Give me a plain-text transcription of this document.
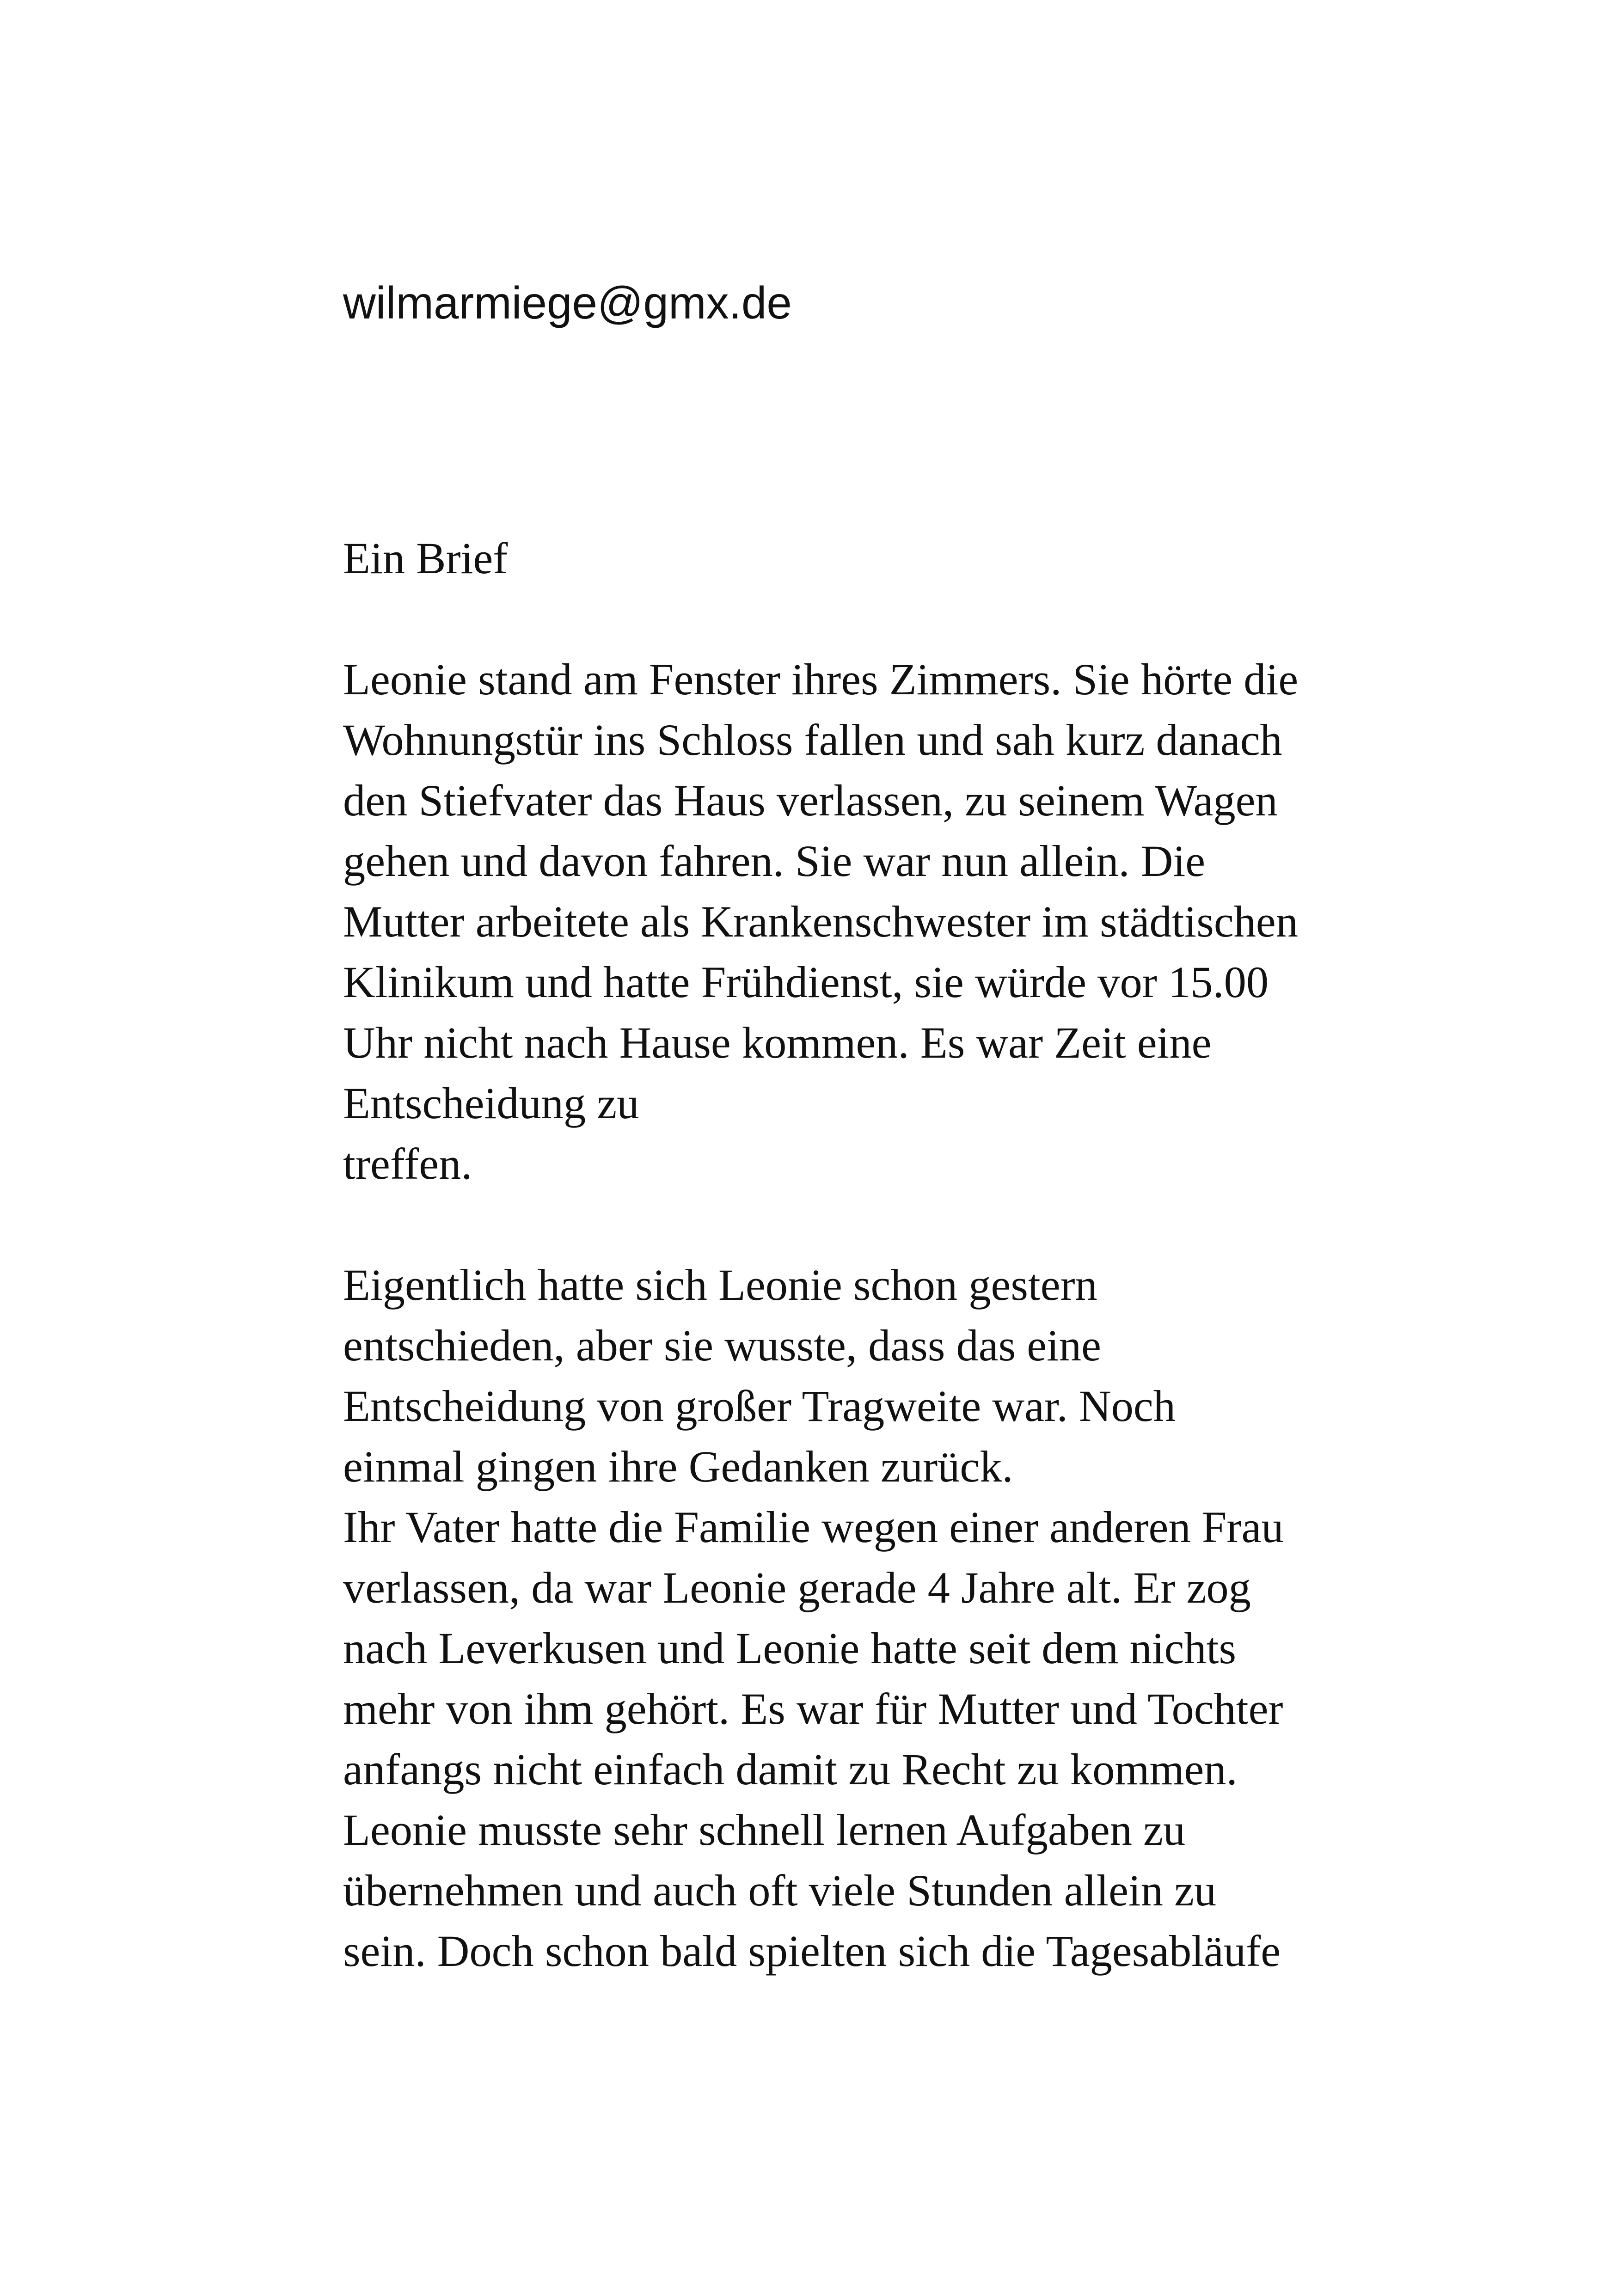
wilmarmiege@gmx.de
Ein Brief
Leonie stand am Fenster ihres Zimmers. Sie hörte die
Wohnungstür ins Schloss fallen und sah kurz danach
den Stiefvater das Haus verlassen, zu seinem Wagen
gehen und davon fahren. Sie war nun allein. Die
Mutter arbeitete als Krankenschwester im städtischen
Klinikum und hatte Frühdienst, sie würde vor 15.00
Uhr nicht nach Hause kommen. Es war Zeit eine
Entscheidung zu
treffen.
Eigentlich hatte sich Leonie schon gestern
entschieden, aber sie wusste, dass das eine
Entscheidung von großer Tragweite war. Noch
einmal gingen ihre Gedanken zurück.
Ihr Vater hatte die Familie wegen einer anderen Frau
verlassen, da war Leonie gerade 4 Jahre alt. Er zog
nach Leverkusen und Leonie hatte seit dem nichts
mehr von ihm gehört. Es war für Mutter und Tochter
anfangs nicht einfach damit zu Recht zu kommen.
Leonie musste sehr schnell lernen Aufgaben zu
übernehmen und auch oft viele Stunden allein zu
sein. Doch schon bald spielten sich die Tagesabläufe
